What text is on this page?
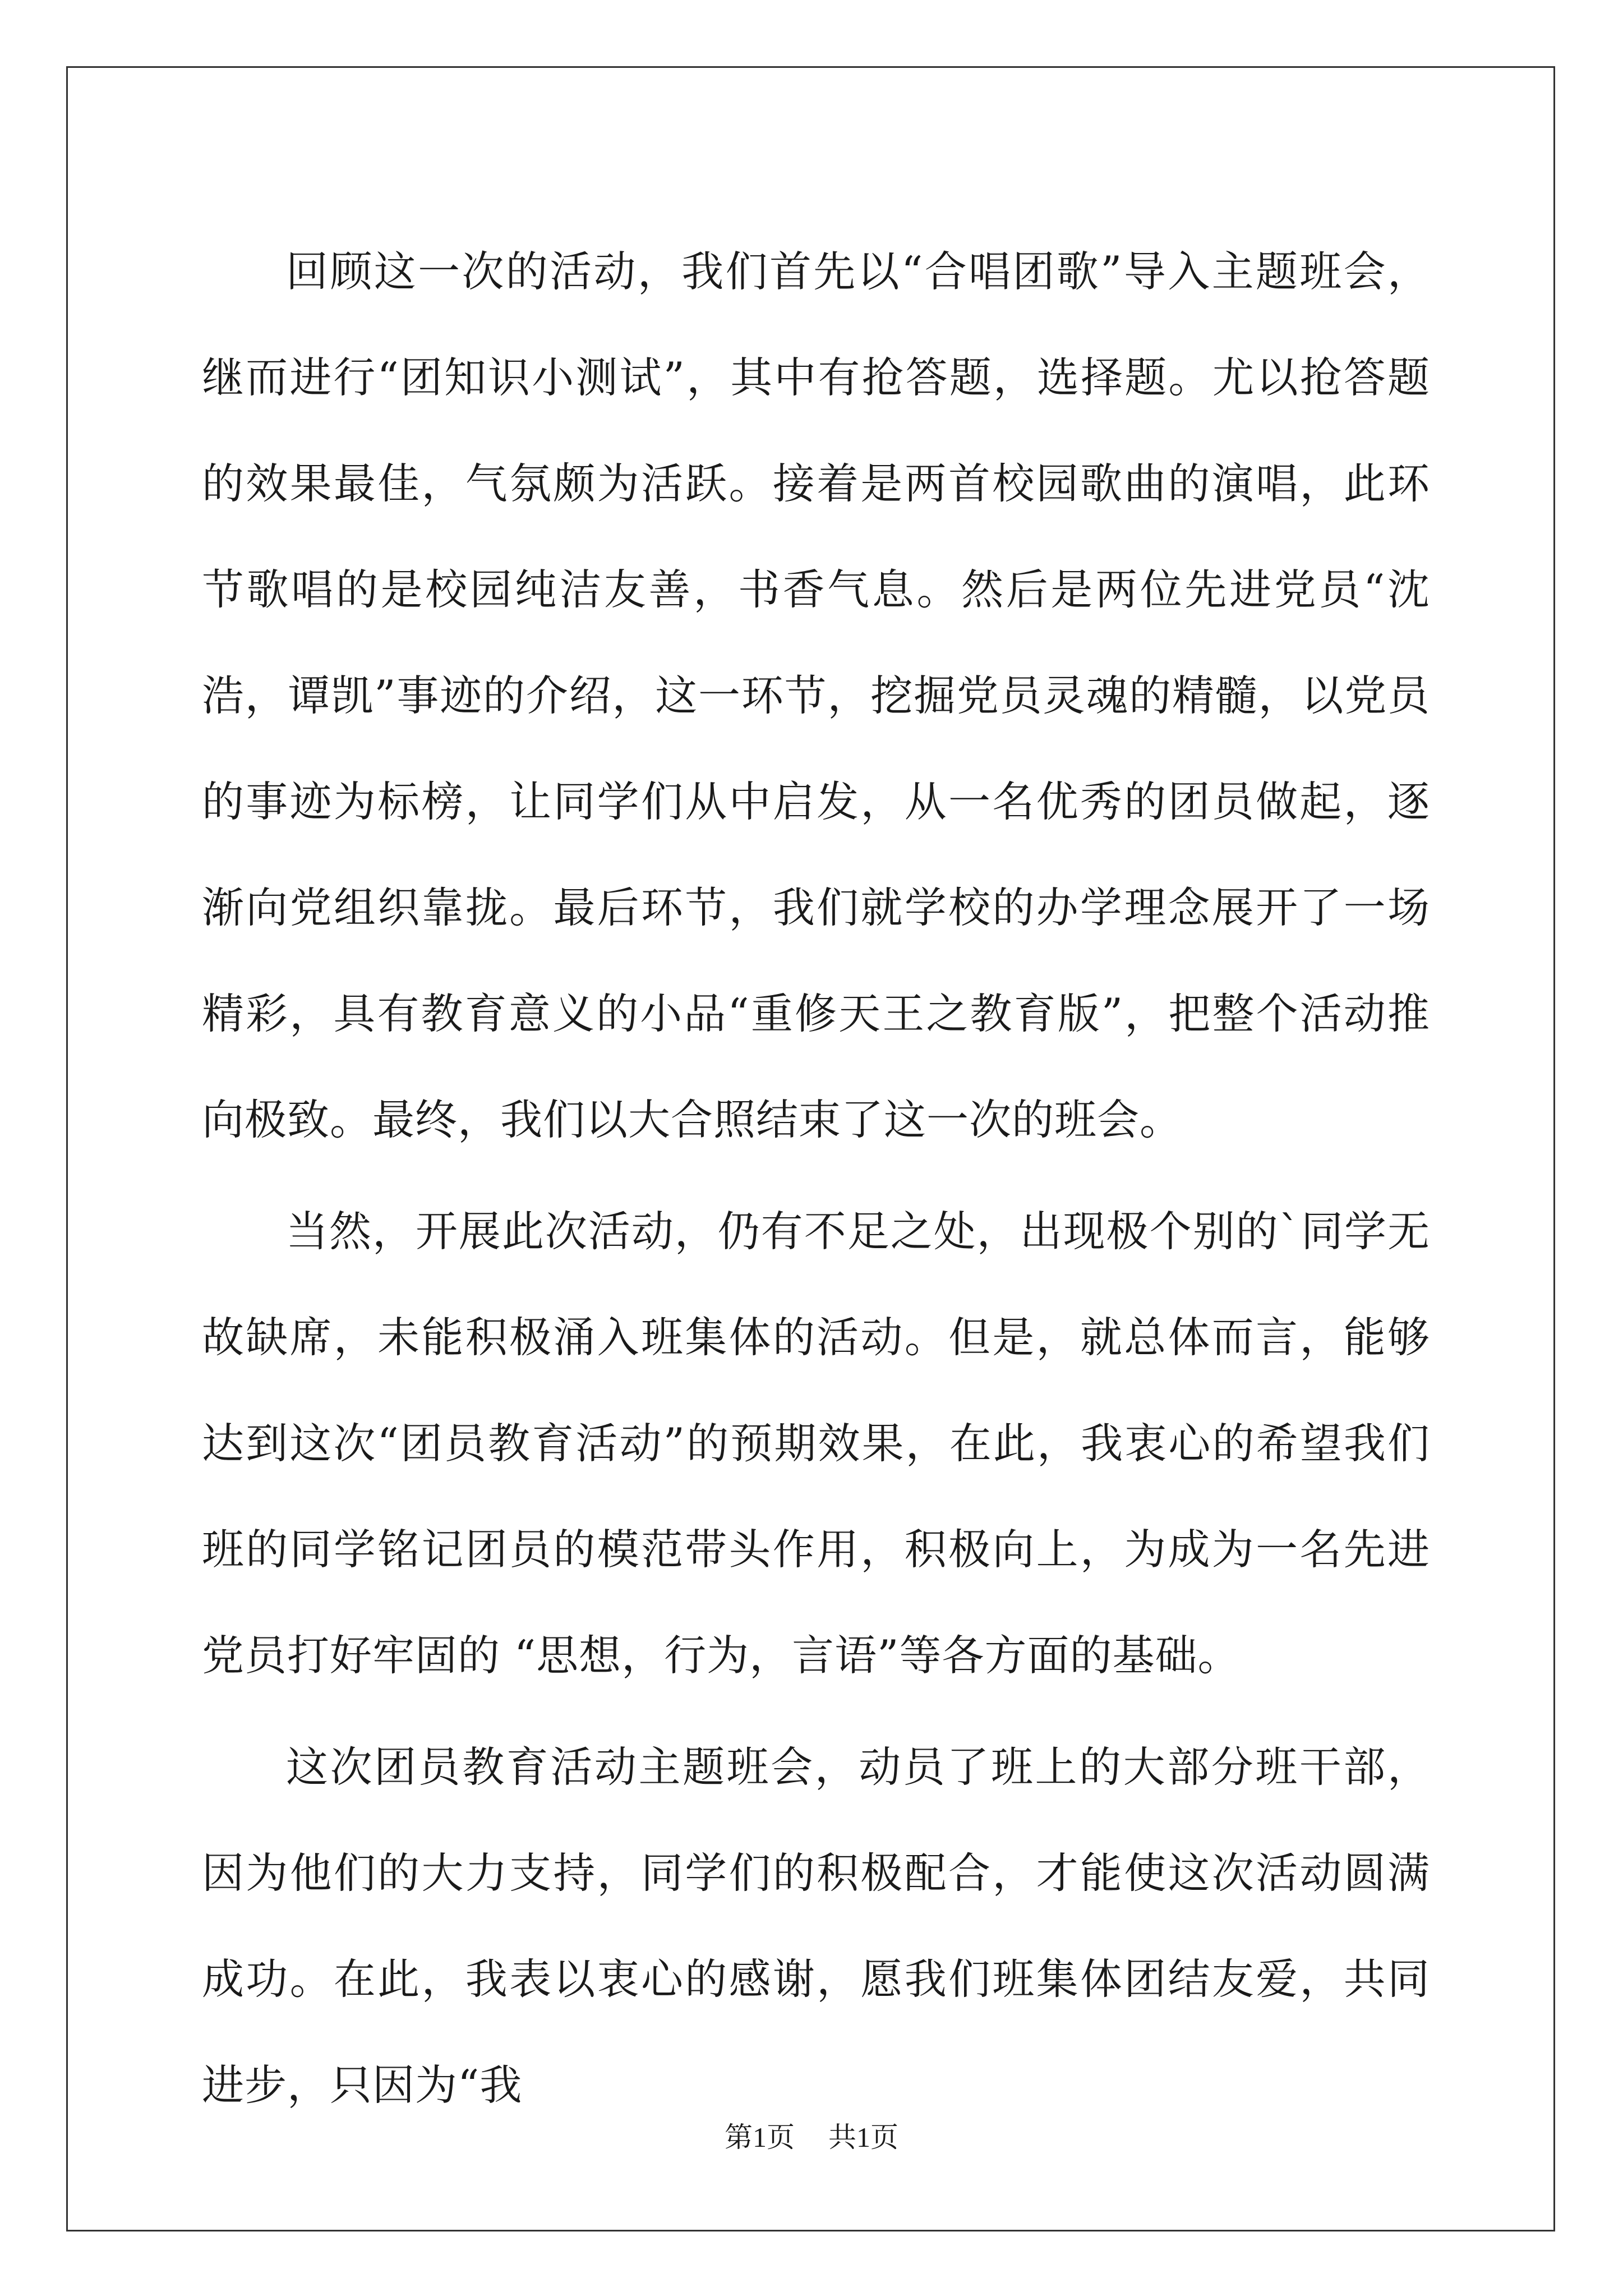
回顾这一次的活动，我们首先以“合唱团歌”导入主题班会，继而进行“团知识小测试”，其中有抢答题，选择题。尤以抢答题的效果最佳，气氛颇为活跃。接着是两首校园歌曲的演唱，此环节歌唱的是校园纯洁友善，书香气息。然后是两位先进党员“沈浩，谭凯”事迹的介绍，这一环节，挖掘党员灵魂的精髓，以党员的事迹为标榜，让同学们从中启发，从一名优秀的团员做起，逐渐向党组织靠拢。最后环节，我们就学校的办学理念展开了一场精彩，具有教育意义的小品“重修天王之教育版”，把整个活动推向极致。最终，我们以大合照结束了这一次的班会。

当然，开展此次活动，仍有不足之处，出现极个别的`同学无故缺席，未能积极涌入班集体的活动。但是，就总体而言，能够达到这次“团员教育活动”的预期效果，在此，我衷心的希望我们班的同学铭记团员的模范带头作用，积极向上，为成为一名先进党员打好牢固的 “思想，行为，言语”等各方面的基础。

这次团员教育活动主题班会，动员了班上的大部分班干部，因为他们的大力支持，同学们的积极配合，才能使这次活动圆满成功。在此，我表以衷心的感谢，愿我们班集体团结友爱，共同进步，只因为“我

第1页 共1页
